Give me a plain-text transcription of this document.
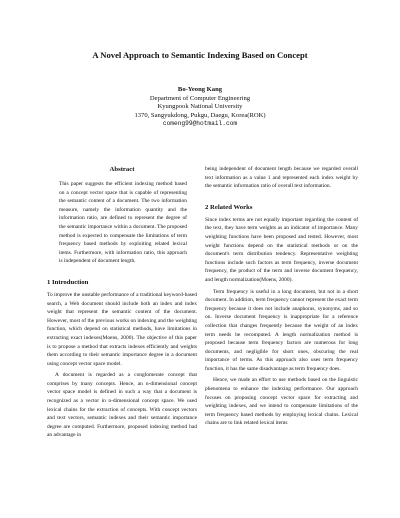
A Novel Approach to Semantic Indexing Based on Concept
Bo-Yeong Kang
Department of Computer Engineering
Kyungpook National University
1370, Sangyukdong, Pukgu, Daegu, Korea(ROK)
comeng99@hotmail.com
Abstract

This paper suggests the efficient indexing method based on a concept vector space that is capable of representing the semantic content of a document. The two information measure, namely the information quantity and the information ratio, are defined to represent the degree of the semantic importance within a document. The proposed method is expected to compensate the limitations of term frequency based methods by exploiting related lexical items. Furthermore, with information ratio, this approach is independent of document length.

1 Introduction

To improve the unstable performance of a traditional keyword-based search, a Web document should include both an index and index weight that represent the semantic content of the document. However, most of the previous works on indexing and the weighting function, which depend on statistical methods, have limitations in extracting exact indexes(Moens, 2000). The objective of this paper is to propose a method that extracts indexes efficiently and weights them according to their semantic importance degree in a document using concept vector space model.

A document is regarded as a conglomerate concept that comprises by many concepts. Hence, an n-dimensional concept vector space model is defined in such a way that a document is recognized as a vector in n-dimensional concept space. We used lexical chains for the extraction of concepts. With concept vectors and text vectors, semantic indexes and their semantic importance degree are computed. Furthermore, proposed indexing method had an advantage in

being independent of document length because we regarded overall text information as a value 1 and represented each index weight by the semantic information ratio of overall text information.

2 Related Works

Since index terms are not equally important regarding the content of the text, they have term weights as an indicator of importance. Many weighting functions have been proposed and tested. However, most weight functions depend on the statistical methods or on the document's term distribution tendency. Representative weighting functions include such factors as term frequency, inverse document frequency, the product of the term and inverse document frequency, and length normalization(Moens, 2000).

Term frequency is useful in a long document, but not in a short document. In addition, term frequency cannot represent the exact term frequency because it does not include anaphoras, synonyms, and so on. Inverse document frequency is inappropriate for a reference collection that changes frequently because the weight of an index term needs be recomputed. A length normalization method is proposed because term frequency factors are numerous for long documents, and negligible for short ones, obscuring the real importance of terms. As this approach also uses term frequency function, it has the same disadvantage as term frequency does.

Hence, we made an effort to use methods based on the linguistic phenomena to enhance the indexing performance. Our approach focuses on proposing concept vector space for extracting and weighting indexes, and we intend to compensate limitations of the term frequency based methods by employing lexical chains. Lexical chains are to link related lexical items
